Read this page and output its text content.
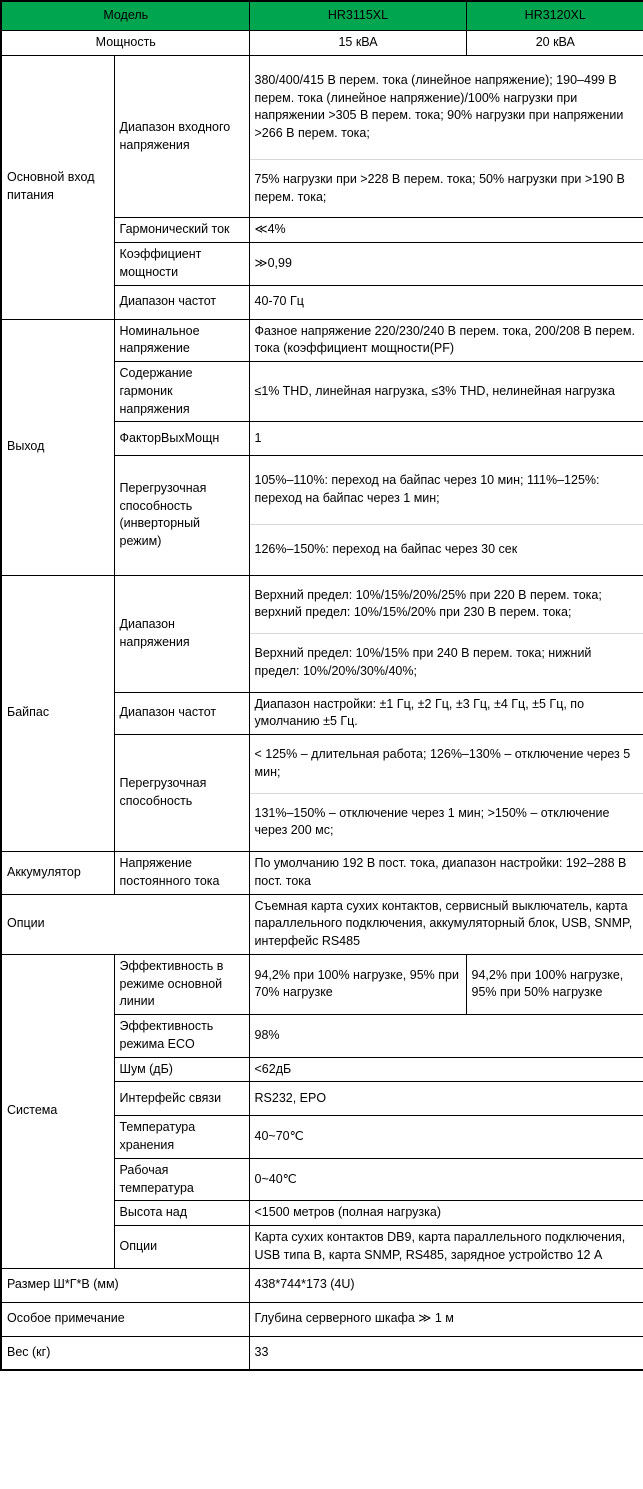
Модель		HR3115XL	HR3120XL
Мощность		15 кВА	20 кВА
Основной вход питания	Диапазон входного напряжения	380/400/415 В перем. тока (линейное напряжение); 190–499 В перем. тока (линейное напряжение)/100% нагрузки при напряжении >305 В перем. тока; 90% нагрузки при напряжении >266 В перем. тока;
75% нагрузки при >228 В перем. тока; 50% нагрузки при >190 В перем. тока;	

	Гармонический ток	≪4%	
	Коэффициент мощности	≫0,99	
	Диапазон частот	40-70 Гц	
Выход	Номинальное напряжение	Фазное напряжение 220/230/240 В перем. тока, 200/208 В перем. тока (коэффициент мощности(PF)	
	Содержание гармоник напряжения	≤1% THD, линейная нагрузка, ≤3% THD, нелинейная нагрузка	
	ФакторВыхМощн	1	
	Перегрузочная способность (инверторный режим)	105%–110%: переход на байпас через 10 мин; 111%–125%: переход на байпас через 1 мин;
126%–150%: переход на байпас через 30 сек	

Байпас	Диапазон напряжения	Верхний предел: 10%/15%/20%/25% при 220 В перем. тока; верхний предел: 10%/15%/20% при 230 В перем. тока;
Верхний предел: 10%/15% при 240 В перем. тока; нижний предел: 10%/20%/30%/40%;	

	Диапазон частот	Диапазон настройки: ±1 Гц, ±2 Гц, ±3 Гц, ±4 Гц, ±5 Гц, по умолчанию ±5 Гц.	
	Перегрузочная способность	< 125% – длительная работа; 126%–130% – отключение через 5 мин;
131%–150% – отключение через 1 мин; >150% – отключение через 200 мс;	

Аккумулятор	Напряжение постоянного тока	По умолчанию 192 В пост. тока, диапазон настройки: 192–288 В пост. тока	
Опции		Съемная карта сухих контактов, сервисный выключатель, карта параллельного подключения, аккумуляторный блок, USB, SNMP, интерфейс RS485	
Система	Эффективность в режиме основной линии	94,2% при 100% нагрузке, 95% при 70% нагрузке	94,2% при 100% нагрузке, 95% при 50% нагрузке
	Эффективность режима ECO	98%	
	Шум (дБ)	<62дБ	
	Интерфейс связи	RS232, EPO	
	Температура хранения	40~70℃	
	Рабочая температура	0~40℃	
	Высота над	<1500 метров (полная нагрузка)	
	Опции	Карта сухих контактов DB9, карта параллельного подключения, USB типа B, карта SNMP, RS485, зарядное устройство 12 А	
Размер Ш*Г*В (мм)		438*744*173 (4U)	
Особое примечание		Глубина серверного шкафа ≫ 1 м	
Вес (кг)		33	
